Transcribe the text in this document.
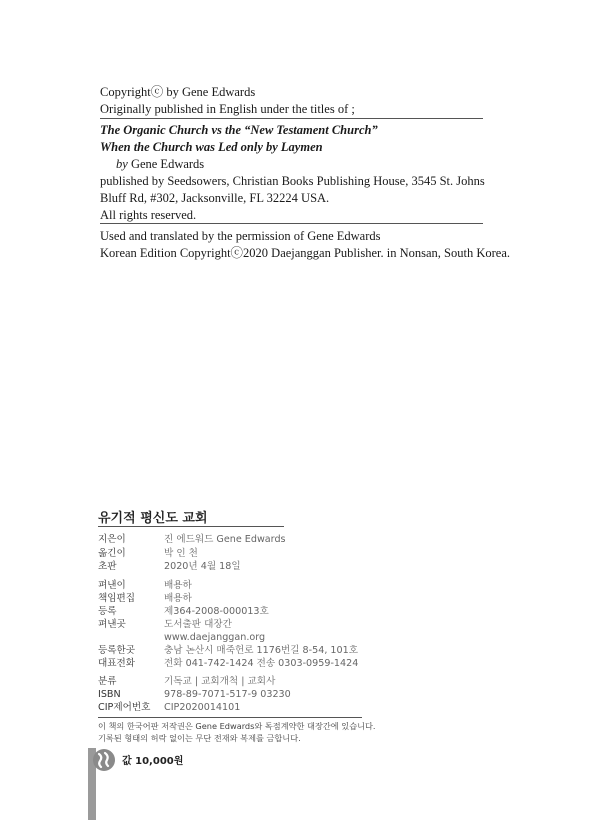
Copyrightⓒ by Gene Edwards
Originally published in English under the titles of ;
The Organic Church vs the “New Testament Church”
When the Church was Led only by Laymen
by Gene Edwards
published by Seedsowers, Christian Books Publishing House, 3545 St. Johns
Bluff Rd, #302, Jacksonville, FL 32224 USA.
All rights reserved.
Used and translated by the permission of Gene Edwards
Korean Edition Copyrightⓒ2020 Daejanggan Publisher. in Nonsan, South Korea.
유기적 평신도 교회
지은이	진 에드워드 Gene Edwards
옮긴이	박 인 천
초판	2020년 4월 18일
펴낸이	배용하
책임편집	배용하
등록	제364-2008-000013호
펴낸곳	도서출판 대장간
www.daejanggan.org
등록한곳	충남 논산시 매죽헌로 1176번길 8-54, 101호
대표전화	전화 041-742-1424 전송 0303-0959-1424
분류	기독교 | 교회개척 | 교회사
ISBN	978-89-7071-517-9 03230
CIP제어번호 CIP2020014101
이 책의 한국어판 저작권은 Gene Edwards와 독점계약한 대장간에 있습니다.
기록된 형태의 허락 없이는 무단 전재와 복제를 금합니다.
값 10,000원
